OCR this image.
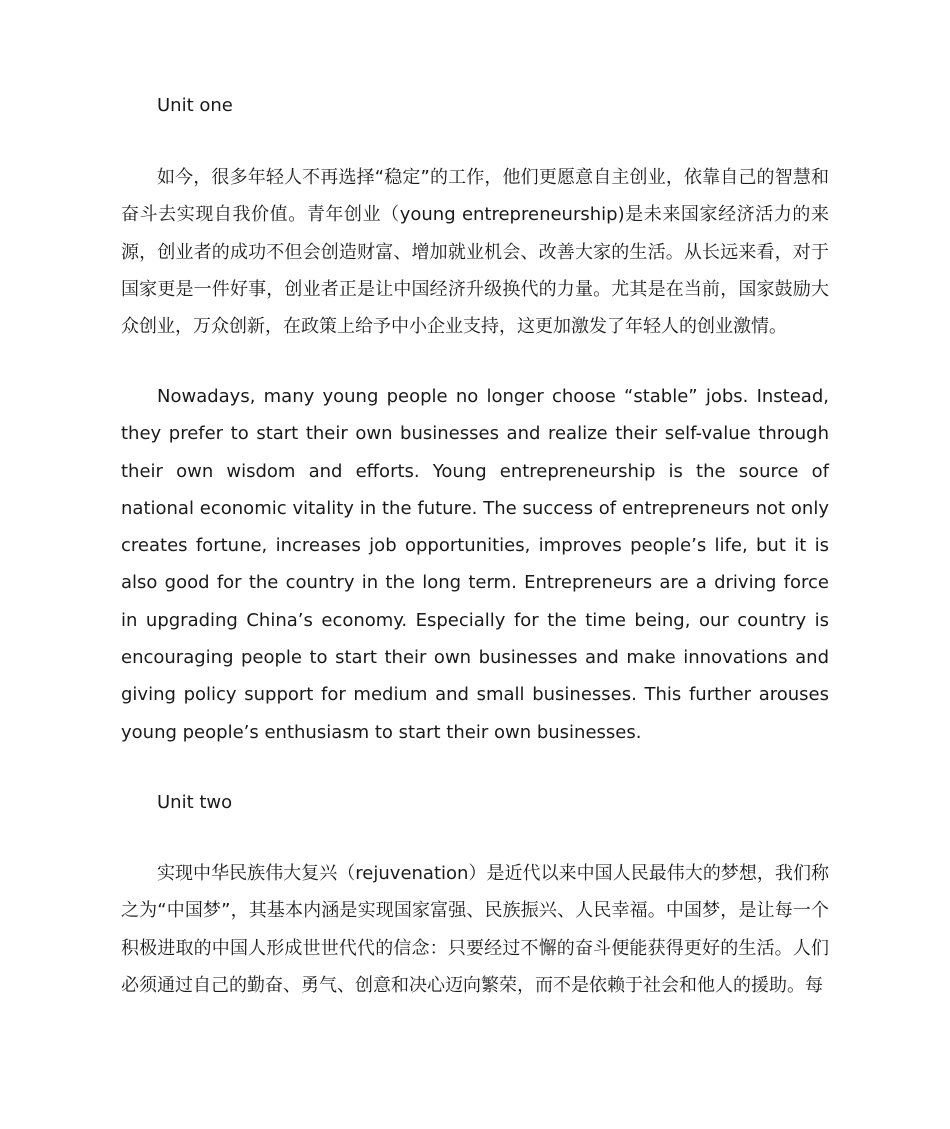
Unit one

如今，很多年轻人不再选择“稳定”的工作，他们更愿意自主创业，依靠自己的智慧和奋斗去实现自我价值。青年创业（young entrepreneurship)是未来国家经济活力的来源，创业者的成功不但会创造财富、增加就业机会、改善大家的生活。从长远来看，对于国家更是一件好事，创业者正是让中国经济升级换代的力量。尤其是在当前，国家鼓励大众创业，万众创新，在政策上给予中小企业支持，这更加激发了年轻人的创业激情。

Nowadays, many young people no longer choose “stable” jobs. Instead, they prefer to start their own businesses and realize their self-value through their own wisdom and efforts. Young entrepreneurship is the source of national economic vitality in the future. The success of entrepreneurs not only creates fortune, increases job opportunities, improves people’s life, but it is also good for the country in the long term. Entrepreneurs are a driving force in upgrading China’s economy. Especially for the time being, our country is encouraging people to start their own businesses and make innovations and giving policy support for medium and small businesses. This further arouses young people’s enthusiasm to start their own businesses.

Unit two

实现中华民族伟大复兴（rejuvenation）是近代以来中国人民最伟大的梦想，我们称之为“中国梦”，其基本内涵是实现国家富强、民族振兴、人民幸福。中国梦，是让每一个积极进取的中国人形成世世代代的信念：只要经过不懈的奋斗便能获得更好的生活。人们必须通过自己的勤奋、勇气、创意和决心迈向繁荣，而不是依赖于社会和他人的援助。每
